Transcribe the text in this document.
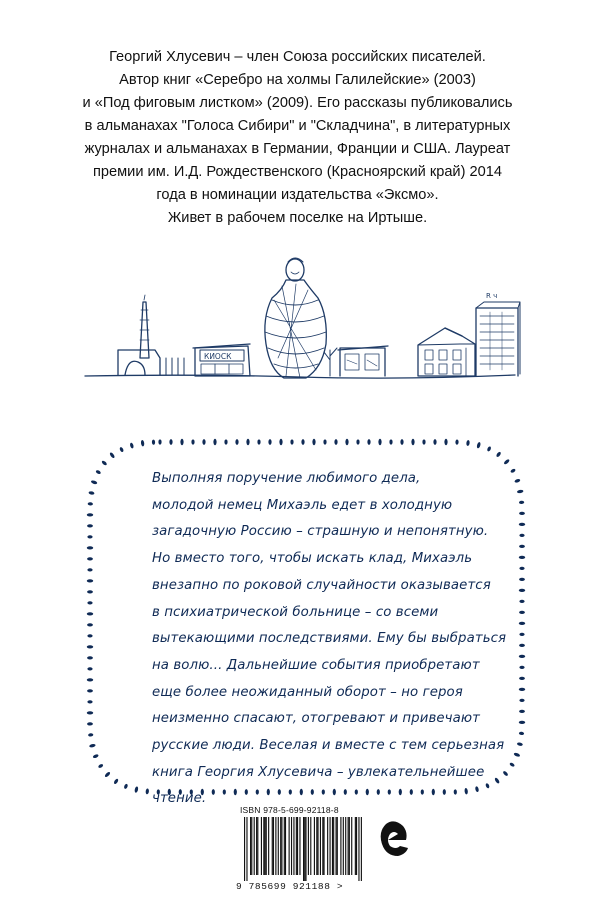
Георгий Хлусевич – член Союза российских писателей.
Автор книг «Серебро на холмы Галилейские» (2003)
и «Под фиговым листком» (2009). Его рассказы публиковались
в альманахах "Голоса Сибири" и "Складчина", в литературных
журналах и альманахах в Германии, Франции и США. Лауреат
премии им. И.Д. Рождественского (Красноярский край) 2014
года в номинации издательства «Эксмо».
Живет в рабочем поселке на Иртыше.
КИОСК
R ч
Выполняя поручение любимого дела,
молодой немец Михаэль едет в холодную
загадочную Россию – страшную и непонятную.
Но вместо того, чтобы искать клад, Михаэль
внезапно по роковой случайности оказывается
в психиатрической больнице – со всеми
вытекающими последствиями. Ему бы выбраться
на волю... Дальнейшие события приобретают
еще более неожиданный оборот – но героя
неизменно спасают, отогревают и привечают
русские люди. Веселая и вместе с тем серьезная
книга Георгия Хлусевича – увлекательнейшее
чтение.
ISBN 978-5-699-92118-8
9 785699 921188 >
